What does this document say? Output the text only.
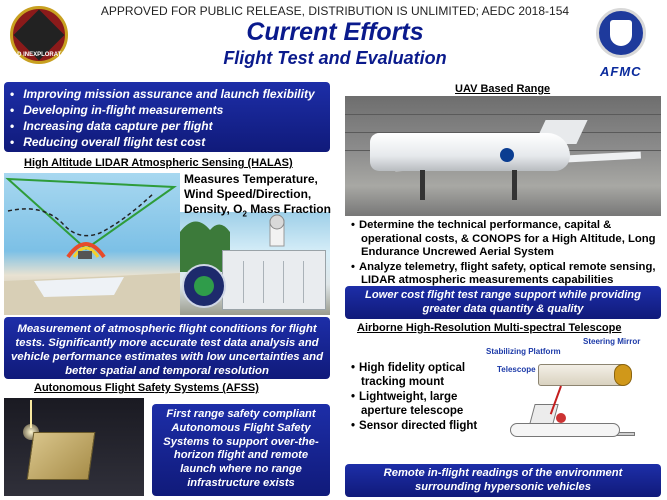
APPROVED FOR PUBLIC RELEASE, DISTRIBUTION IS UNLIMITED; AEDC 2018-154
Current Efforts
Flight Test and Evaluation
AD INEXPLORATA
AFMC
• Improving mission assurance and launch flexibility
• Developing in-flight measurements
• Increasing data capture per flight
• Reducing overall flight test cost
High Altitude LIDAR Atmospheric Sensing (HALAS)
Measures Temperature,
Wind Speed/Direction,
Density, $O_2$ Mass Fraction
Measurement of atmospheric flight conditions for flight tests. Significantly more accurate test data analysis and vehicle performance estimates with low uncertainties and better spatial and temporal resolution
Autonomous Flight Safety Systems (AFSS)
First range safety compliant Autonomous Flight Safety Systems to support over-the-horizon flight and remote launch where no range infrastructure exists
UAV Based Range
• Determine the technical performance, capital & operational costs, & CONOPS for a High Altitude, Long Endurance Uncrewed Aerial System
• Analyze telemetry, flight safety, optical remote sensing, LIDAR atmospheric measurements capabilities
Lower cost flight test range support while providing greater data quantity & quality
Airborne High-Resolution Multi-spectral Telescope
• High fidelity optical tracking mount
• Lightweight, large aperture telescope
• Sensor directed flight
Stabilizing Platform
Steering Mirror
Telescope
Remote in-flight readings of the environment surrounding hypersonic vehicles
